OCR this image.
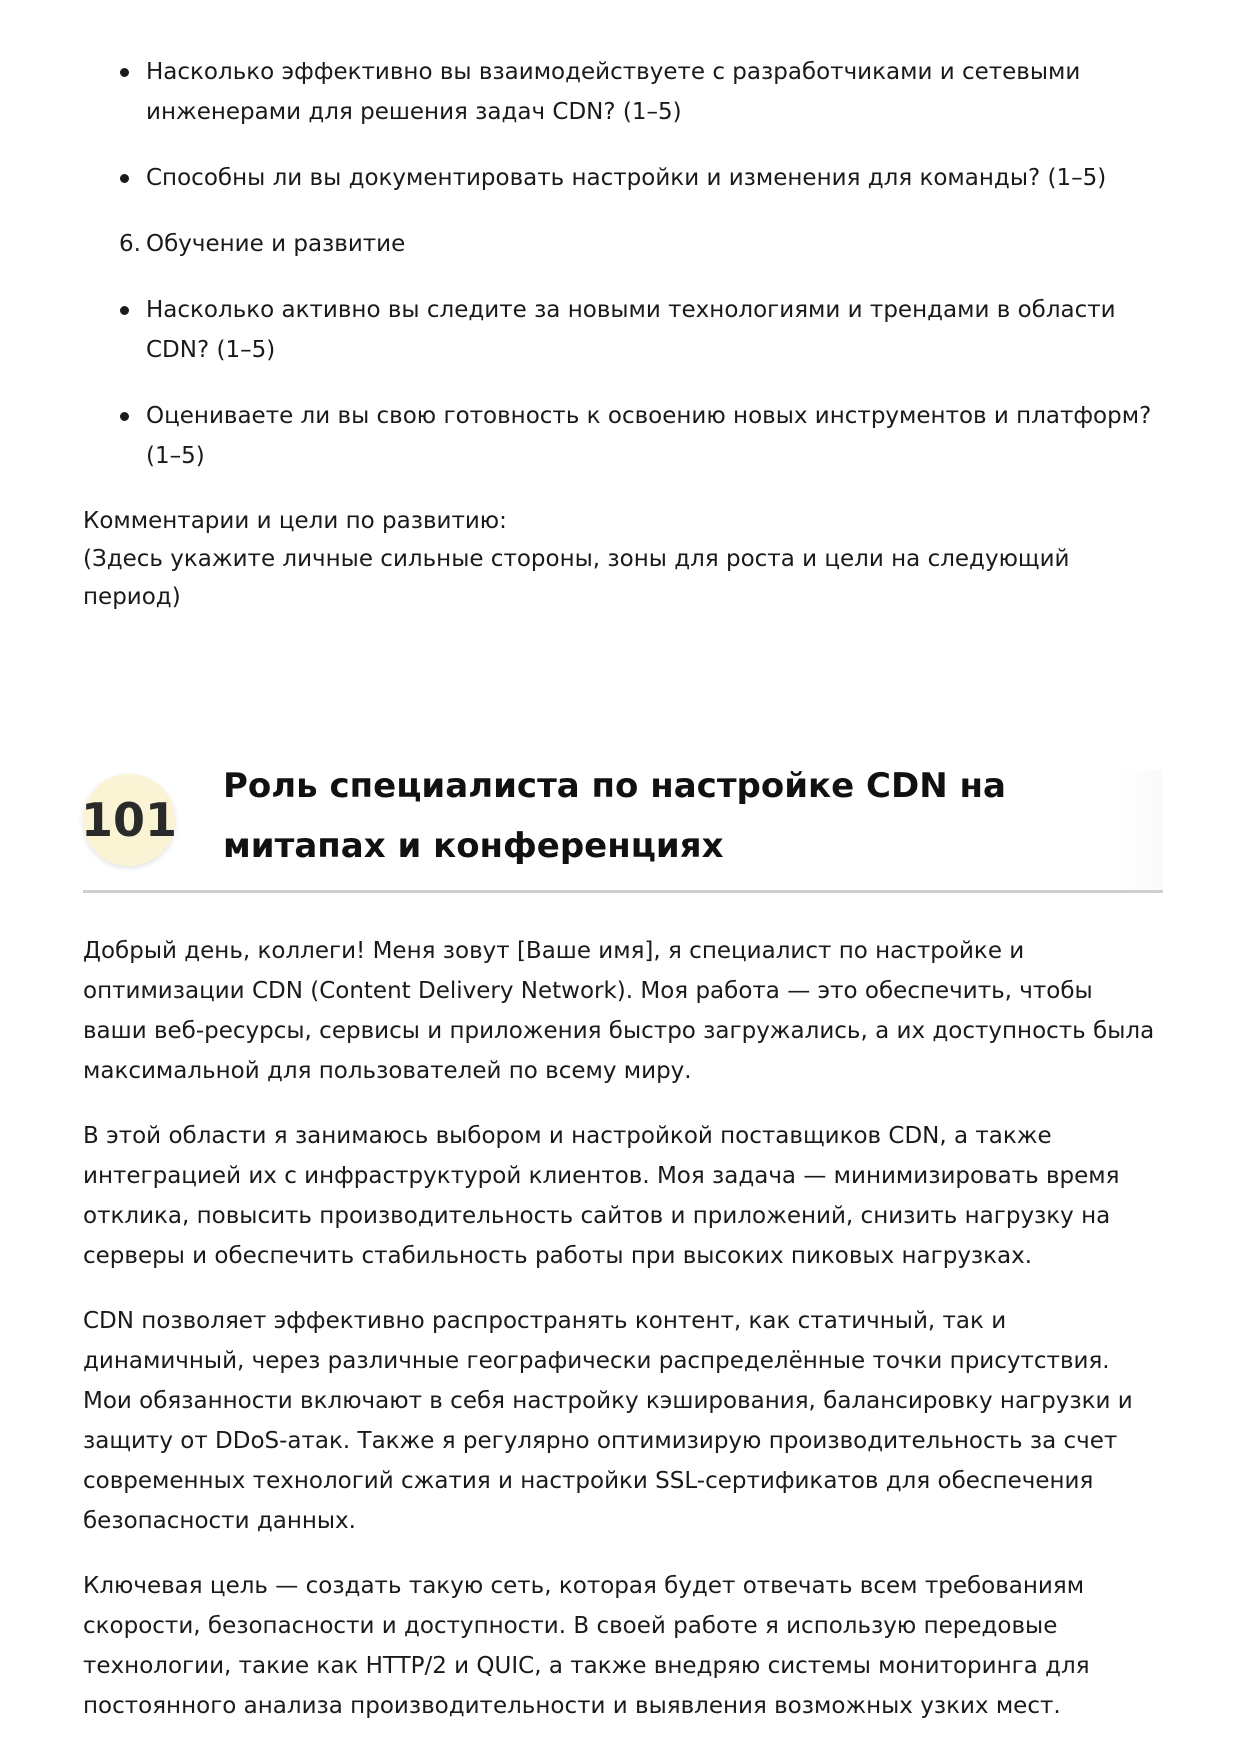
Насколько эффективно вы взаимодействуете с разработчиками и сетевыми инженерами для решения задач CDN? (1–5)
Способны ли вы документировать настройки и изменения для команды? (1–5)
6. Обучение и развитие
Насколько активно вы следите за новыми технологиями и трендами в области CDN? (1–5)
Оцениваете ли вы свою готовность к освоению новых инструментов и платформ? (1–5)
Комментарии и цели по развитию:
(Здесь укажите личные сильные стороны, зоны для роста и цели на следующий период)
101
Роль специалиста по настройке CDN на митапах и конференциях

Добрый день, коллеги! Меня зовут [Ваше имя], я специалист по настройке и оптимизации CDN (Content Delivery Network). Моя работа — это обеспечить, чтобы ваши веб-ресурсы, сервисы и приложения быстро загружались, а их доступность была максимальной для пользователей по всему миру.

В этой области я занимаюсь выбором и настройкой поставщиков CDN, а также интеграцией их с инфраструктурой клиентов. Моя задача — минимизировать время отклика, повысить производительность сайтов и приложений, снизить нагрузку на серверы и обеспечить стабильность работы при высоких пиковых нагрузках.

CDN позволяет эффективно распространять контент, как статичный, так и динамичный, через различные географически распределённые точки присутствия. Мои обязанности включают в себя настройку кэширования, балансировку нагрузки и защиту от DDoS-атак. Также я регулярно оптимизирую производительность за счет современных технологий сжатия и настройки SSL-сертификатов для обеспечения безопасности данных.

Ключевая цель — создать такую сеть, которая будет отвечать всем требованиям скорости, безопасности и доступности. В своей работе я использую передовые технологии, такие как HTTP/2 и QUIC, а также внедряю системы мониторинга для постоянного анализа производительности и выявления возможных узких мест.
